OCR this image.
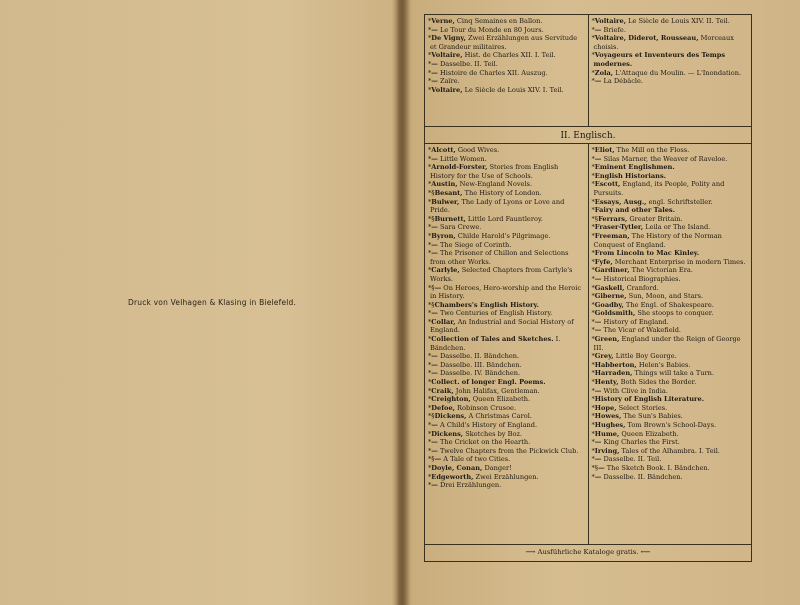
Druck von Velhagen & Klasing in Bielefeld.
*Verne, Cinq Semaines en Ballon.
*— Le Tour du Monde en 80 Jours.
*De Vigny, Zwei Erzählungen aus Servitude et Grandeur militaires.
*Voltaire, Hist. de Charles XII. I. Teil.
*— Dasselbe. II. Teil.
*— Histoire de Charles XII. Auszug.
*— Zaïre.
*Voltaire, Le Siècle de Louis XIV. I. Teil.
*Voltaire, Le Siècle de Louis XIV. II. Teil.
*— Briefe.
*Voltaire, Diderot, Rousseau, Morceaux choisis.
*Voyageurs et Inventeurs des Temps modernes.
*Zola, L'Attaque du Moulin. — L'Inondation.
*— La Débâcle.
II. Englisch.
*Alcott, Good Wives.
*— Little Women.
*Arnold-Forster, Stories from English History for the Use of Schools.
*Austin, New-England Novels.
*§Besant, The History of London.
*Bulwer, The Lady of Lyons or Love and Pride.
*§Burnett, Little Lord Fauntleroy.
*— Sara Crewe.
*Byron, Childe Harold's Pilgrimage.
*— The Siege of Corinth.
*— The Prisoner of Chillon and Selections from other Works.
*Carlyle, Selected Chapters from Carlyle's Works.
*§— On Heroes, Hero-worship and the Heroic in History.
*§Chambers's English History.
*— Two Centuries of English History.
*Collar, An Industrial and Social History of England.
*Collection of Tales and Sketches. I. Bändchen.
*— Dasselbe. II. Bändchen.
*— Dasselbe. III. Bändchen.
*— Dasselbe. IV. Bändchen.
*Collect. of longer Engl. Poems.
*Craik, John Halifax, Gentleman.
*Creighton, Queen Elizabeth.
*Defoe, Robinson Crusoe.
*§Dickens, A Christmas Carol.
*— A Child's History of England.
*Dickens, Sketches by Boz.
*— The Cricket on the Hearth.
*— Twelve Chapters from the Pickwick Club.
*§— A Tale of two Cities.
*Doyle, Conan, Danger!
*Edgeworth, Zwei Erzählungen.
*— Drei Erzählungen.
*Eliot, The Mill on the Floss.
*— Silas Marner, the Weaver of Raveloe.
*Eminent Englishmen.
*English Historians.
*Escott, England, its People, Polity and Pursuits.
*Essays, Ausg., engl. Schriftsteller.
*Fairy and other Tales.
*§Ferrars, Greater Britain.
*Fraser-Tytler, Leila or The Island.
*Freeman, The History of the Norman Conquest of England.
*From Lincoln to Mac Kinley.
*Fyfe, Merchant Enterprise in modern Times.
*Gardiner, The Victorian Era.
*— Historical Biographies.
*Gaskell, Cranford.
*Giberne, Sun, Moon, and Stars.
*Goadby, The Engl. of Shakespeare.
*Goldsmith, She stoops to conquer.
*— History of England.
*— The Vicar of Wakefield.
*Green, England under the Reign of George III.
*Grey, Little Boy George.
*Habberton, Helen's Babies.
*Harraden, Things will take a Turn.
*Henty, Both Sides the Border.
*— With Clive in India.
*History of English Literature.
*Hope, Select Stories.
*Howes, The Sun's Babies.
*Hughes, Tom Brown's School-Days.
*Hume, Queen Elizabeth.
*— King Charles the First.
*Irving, Tales of the Alhambra. I. Teil.
*— Dasselbe. II. Teil.
*§— The Sketch Book. I. Bändchen.
*— Dasselbe. II. Bändchen.
⟶ Ausführliche Kataloge gratis. ⟵
